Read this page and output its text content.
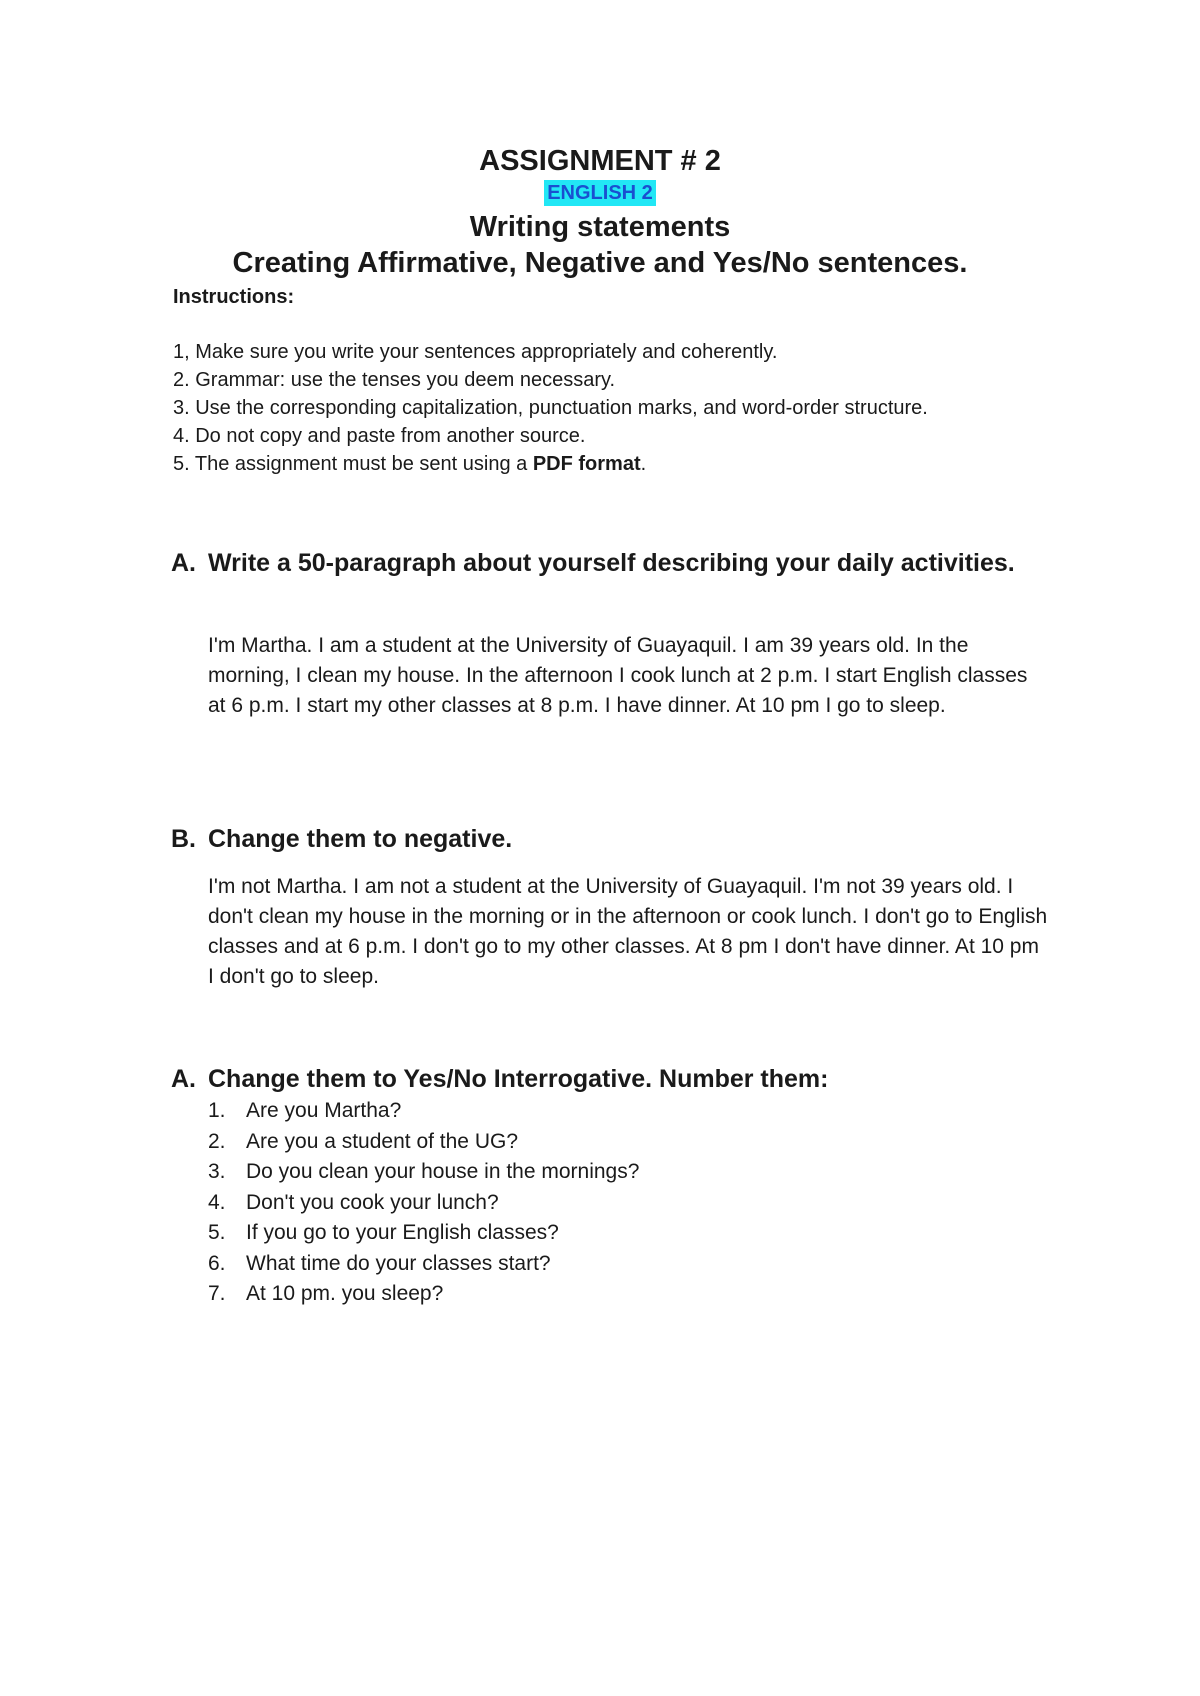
ASSIGNMENT # 2
ENGLISH 2
Writing statements
Creating Affirmative, Negative and Yes/No sentences.
Instructions:
1, Make sure you write your sentences appropriately and coherently.
2. Grammar: use the tenses you deem necessary.
3. Use the corresponding capitalization, punctuation marks, and word-order structure.
4. Do not copy and paste from another source.
5. The assignment must be sent using a PDF format.
A. Write a 50-paragraph about yourself describing your daily activities.
I'm Martha. I am a student at the University of Guayaquil. I am 39 years old. In the morning, I clean my house. In the afternoon I cook lunch at 2 p.m. I start English classes at 6 p.m. I start my other classes at 8 p.m. I have dinner. At 10 pm I go to sleep.
B. Change them to negative.
I'm not Martha. I am not a student at the University of Guayaquil. I'm not 39 years old. I don't clean my house in the morning or in the afternoon or cook lunch. I don't go to English classes and at 6 p.m. I don't go to my other classes. At 8 pm I don't have dinner. At 10 pm I don't go to sleep.
A. Change them to Yes/No Interrogative. Number them:
1. Are you Martha?
2. Are you a student of the UG?
3. Do you clean your house in the mornings?
4. Don't you cook your lunch?
5. If you go to your English classes?
6. What time do your classes start?
7. At 10 pm. you sleep?
